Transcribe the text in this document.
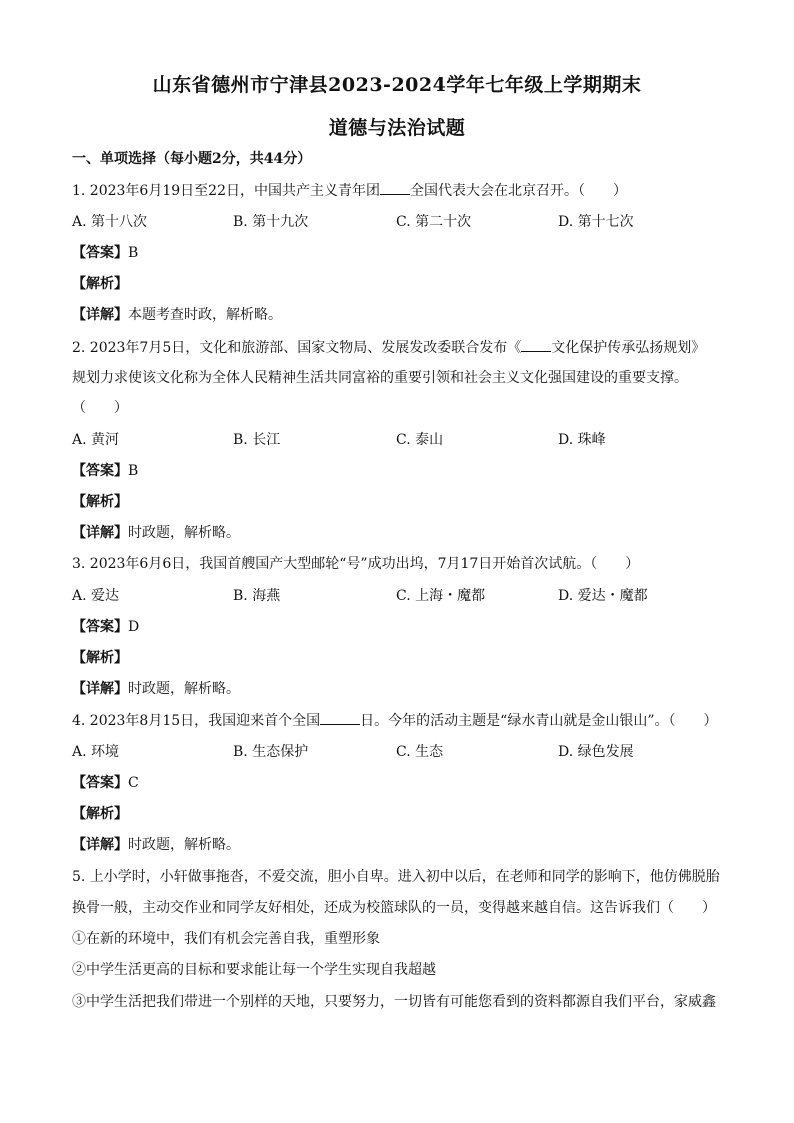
山东省德州市宁津县2023-2024学年七年级上学期期末
道德与法治试题
一、单项选择（每小题2分，共44分）
1. 2023年6月19日至22日，中国共产主义青年团 全国代表大会在北京召开。（　　）
A. 第十八次	B. 第十九次	C. 第二十次	D. 第十七次
【答案】B
【解析】
【详解】本题考查时政，解析略。
2. 2023年7月5日，文化和旅游部、国家文物局、发展发改委联合发布《 文化保护传承弘扬规划》
规划力求使该文化称为全体人民精神生活共同富裕的重要引领和社会主义文化强国建设的重要支撑。
（　　）
A. 黄河	B. 长江	C. 泰山	D. 珠峰
【答案】B
【解析】
【详解】时政题，解析略。
3. 2023年6月6日，我国首艘国产大型邮轮“号”成功出坞，7月17日开始首次试航。（　　）
A. 爱达	B. 海燕	C. 上海・魔都	D. 爱达・魔都
【答案】D
【解析】
【详解】时政题，解析略。
4. 2023年8月15日，我国迎来首个全国	日。今年的活动主题是“绿水青山就是金山银山”。（　　）
A. 环境	B. 生态保护	C. 生态	D. 绿色发展
【答案】C
【解析】
【详解】时政题，解析略。
5. 上小学时，小轩做事拖沓，不爱交流，胆小自卑。进入初中以后，在老师和同学的影响下，他仿佛脱胎
换骨一般，主动交作业和同学友好相处，还成为校篮球队的一员，变得越来越自信。这告诉我们（　　）
①在新的环境中，我们有机会完善自我，重塑形象
②中学生活更高的目标和要求能让每一个学生实现自我超越
③中学生活把我们带进一个别样的天地，只要努力，一切皆有可能您看到的资料都源自我们平台，家威鑫
